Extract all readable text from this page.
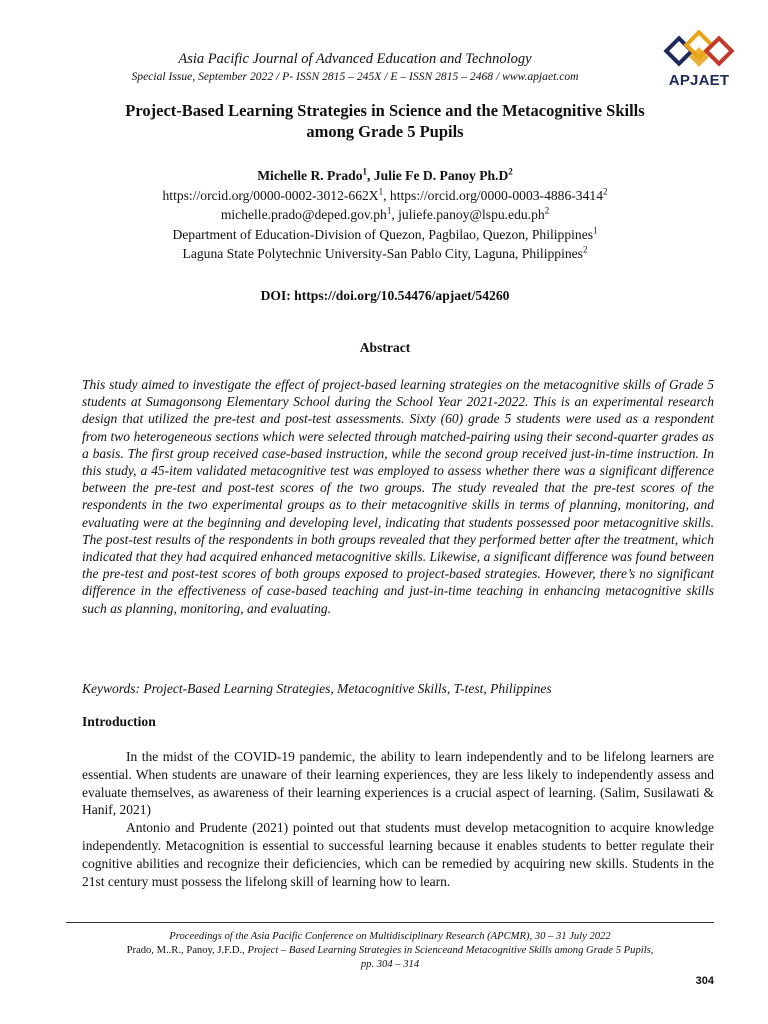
Asia Pacific Journal of Advanced Education and Technology
Special Issue, September 2022 / P- ISSN 2815 – 245X / E – ISSN 2815 – 2468 / www.apjaet.com	APJAET
Project-Based Learning Strategies in Science and the Metacognitive Skills
among Grade 5 Pupils
Michelle R. Prado$^1$, Julie Fe D. Panoy $Ph.D^2$
$https://orcid.org/0000-0002-3012-662X^1$, https://orcid.org/0000-0003-4886-3414$^2$
$michelle.prado@deped.gov.ph^1$, $juliefe.panoy@lspu.edu.ph^2$
Department of Education-Division of Quezon, Pagbilao, Quezon, Philippines$^1$
Laguna State Polytechnic University-San Pablo City, Laguna, Philippines$^2$
DOI: https://doi.org/10.54476/apjaet/54260
Abstract

This study aimed to investigate the effect of project-based learning strategies on the metacognitive skills of Grade 5 students at Sumagonsong Elementary School during the School Year 2021-2022. This is an experimental research design that utilized the pre-test and post-test assessments. Sixty (60) grade 5 students were used as a respondent from two heterogeneous sections which were selected through matched-pairing using their second-quarter grades as a basis. The first group received case-based instruction, while the second group received just-in-time instruction. In this study, a 45-item validated metacognitive test was employed to assess whether there was a significant difference between the pre-test and post-test scores of the two groups. The study revealed that the pre-test scores of the respondents in the two experimental groups as to their metacognitive skills in terms of planning, monitoring, and evaluating were at the beginning and developing level, indicating that students possessed poor metacognitive skills. The post-test results of the respondents in both groups revealed that they performed better after the treatment, which indicated that they had acquired enhanced metacognitive skills. Likewise, a significant difference was found between the pre-test and post-test scores of both groups exposed to project-based strategies. However, there’s no significant difference in the effectiveness of case-based teaching and just-in-time teaching in enhancing metacognitive skills such as planning, monitoring, and evaluating.

Keywords: Project-Based Learning Strategies, Metacognitive Skills, T-test, Philippines

Introduction

In the midst of the COVID-19 pandemic, the ability to learn independently and to be lifelong learners are essential. When students are unaware of their learning experiences, they are less likely to independently assess and evaluate themselves, as awareness of their learning experiences is a crucial aspect of learning. (Salim, Susilawati & Hanif, 2021)

Antonio and Prudente (2021) pointed out that students must develop metacognition to acquire knowledge independently. Metacognition is essential to successful learning because it enables students to better regulate their cognitive abilities and recognize their deficiencies, which can be remedied by acquiring new skills. Students in the 21st century must possess the lifelong skill of learning how to learn.

Proceedings of the Asia Pacific Conference on Multidisciplinary Research (APCMR), 30 – 31 July 2022
Prado, M..R., Panoy, J.F.D., Project – Based Learning Strategies in Scienceand Metacognitive Skills among Grade 5 Pupils,
pp. 304 – 314
304
